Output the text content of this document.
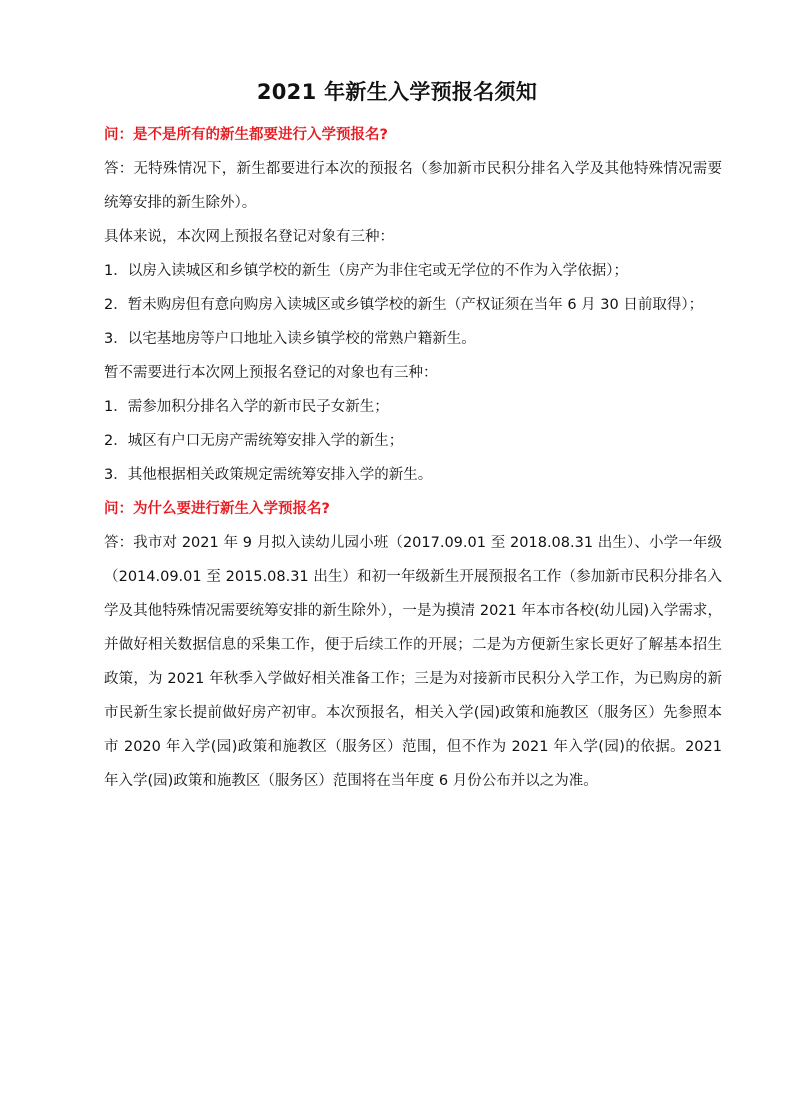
2021 年新生入学预报名须知

问：是不是所有的新生都要进行入学预报名?

答：无特殊情况下，新生都要进行本次的预报名（参加新市民积分排名入学及其他特殊情况需要统筹安排的新生除外）。

具体来说，本次网上预报名登记对象有三种：

1．以房入读城区和乡镇学校的新生（房产为非住宅或无学位的不作为入学依据）；

2．暂未购房但有意向购房入读城区或乡镇学校的新生（产权证须在当年 6 月 30 日前取得）；

3．以宅基地房等户口地址入读乡镇学校的常熟户籍新生。

暂不需要进行本次网上预报名登记的对象也有三种：

1．需参加积分排名入学的新市民子女新生；

2．城区有户口无房产需统筹安排入学的新生；

3．其他根据相关政策规定需统筹安排入学的新生。

问：为什么要进行新生入学预报名?

答：我市对 2021 年 9 月拟入读幼儿园小班（2017.09.01 至 2018.08.31 出生）、小学一年级（2014.09.01 至 2015.08.31 出生）和初一年级新生开展预报名工作（参加新市民积分排名入学及其他特殊情况需要统筹安排的新生除外），一是为摸清 2021 年本市各校(幼儿园)入学需求，并做好相关数据信息的采集工作，便于后续工作的开展；二是为方便新生家长更好了解基本招生政策，为 2021 年秋季入学做好相关准备工作；三是为对接新市民积分入学工作，为已购房的新市民新生家长提前做好房产初审。本次预报名，相关入学(园)政策和施教区（服务区）先参照本市 2020 年入学(园)政策和施教区（服务区）范围，但不作为 2021 年入学(园)的依据。2021 年入学(园)政策和施教区（服务区）范围将在当年度 6 月份公布并以之为准。
